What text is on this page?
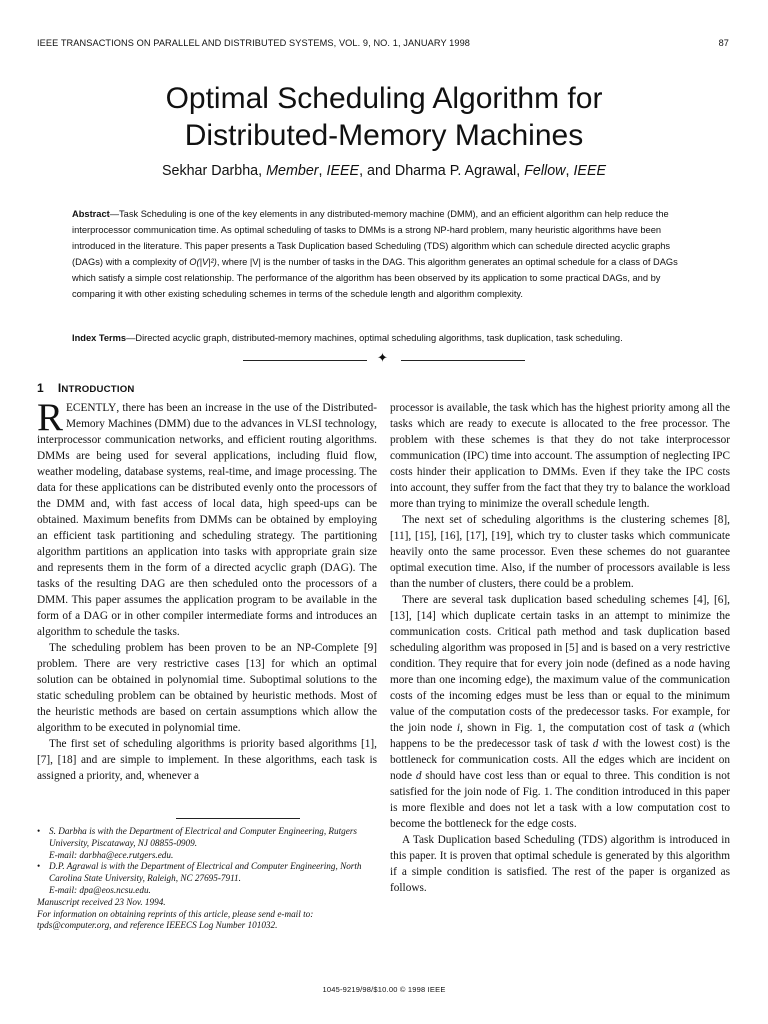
IEEE TRANSACTIONS ON PARALLEL AND DISTRIBUTED SYSTEMS, VOL. 9, NO. 1, JANUARY 1998	87
Optimal Scheduling Algorithm for
Distributed-Memory Machines
Sekhar Darbha, Member, IEEE, and Dharma P. Agrawal, Fellow, IEEE

Abstract—Task Scheduling is one of the key elements in any distributed-memory machine (DMM), and an efficient algorithm can help reduce the interprocessor communication time. As optimal scheduling of tasks to DMMs is a strong NP-hard problem, many heuristic algorithms have been introduced in the literature. This paper presents a Task Duplication based Scheduling (TDS) algorithm which can schedule directed acyclic graphs (DAGs) with a complexity of O(|V|²), where |V| is the number of tasks in the DAG. This algorithm generates an optimal schedule for a class of DAGs which satisfy a simple cost relationship. The performance of the algorithm has been observed by its application to some practical DAGs, and by comparing it with other existing scheduling schemes in terms of the schedule length and algorithm complexity.

Index Terms—Directed acyclic graph, distributed-memory machines, optimal scheduling algorithms, task duplication, task scheduling.

✦
1 INTRODUCTION

RECENTLY, there has been an increase in the use of the Distributed-Memory Machines (DMM) due to the advances in VLSI technology, interprocessor communication networks, and efficient routing algorithms. DMMs are being used for several applications, including fluid flow, weather modeling, database systems, real-time, and image processing. The data for these applications can be distributed evenly onto the processors of the DMM and, with fast access of local data, high speed-ups can be obtained. Maximum benefits from DMMs can be obtained by employing an efficient task partitioning and scheduling strategy. The partitioning algorithm partitions an application into tasks with appropriate grain size and represents them in the form of a directed acyclic graph (DAG). The tasks of the resulting DAG are then scheduled onto the processors of a DMM. This paper assumes the application program to be available in the form of a DAG or in other compiler intermediate forms and introduces an algorithm to schedule the tasks.

The scheduling problem has been proven to be an NP-Complete [9] problem. There are very restrictive cases [13] for which an optimal solution can be obtained in polynomial time. Suboptimal solutions to the static scheduling problem can be obtained by heuristic methods. Most of the heuristic methods are based on certain assumptions which allow the algorithm to be executed in polynomial time.

The first set of scheduling algorithms is priority based algorithms [1], [7], [18] and are simple to implement. In these algorithms, each task is assigned a priority, and, whenever a

processor is available, the task which has the highest priority among all the tasks which are ready to execute is allocated to the free processor. The problem with these schemes is that they do not take interprocessor communication (IPC) time into account. The assumption of neglecting IPC costs hinder their application to DMMs. Even if they take the IPC costs into account, they suffer from the fact that they try to balance the workload more than trying to minimize the overall schedule length.

The next set of scheduling algorithms is the clustering schemes [8], [11], [15], [16], [17], [19], which try to cluster tasks which communicate heavily onto the same processor. Even these schemes do not guarantee optimal execution time. Also, if the number of processors available is less than the number of clusters, there could be a problem.

There are several task duplication based scheduling schemes [4], [6], [13], [14] which duplicate certain tasks in an attempt to minimize the communication costs. Critical path method and task duplication based scheduling algorithm was proposed in [5] and is based on a very restrictive condition. They require that for every join node (defined as a node having more than one incoming edge), the maximum value of the communication costs of the incoming edges must be less than or equal to the minimum value of the computation costs of the predecessor tasks. For example, for the join node i, shown in Fig. 1, the computation cost of task a (which happens to be the predecessor task of task d with the lowest cost) is the bottleneck for communication costs. All the edges which are incident on node d should have cost less than or equal to three. This condition is not satisfied for the join node of Fig. 1. The condition introduced in this paper is more flexible and does not let a task with a low computation cost to become the bottleneck for the edge costs.

A Task Duplication based Scheduling (TDS) algorithm is introduced in this paper. It is proven that optimal schedule is generated by this algorithm if a simple condition is satisfied. The rest of the paper is organized as follows.

• S. Darbha is with the Department of Electrical and Computer Engineering, Rutgers University, Piscataway, NJ 08855-0909.
E-mail: darbha@ece.rutgers.edu.

• D.P. Agrawal is with the Department of Electrical and Computer Engineering, North Carolina State University, Raleigh, NC 27695-7911.
E-mail: dpa@eos.ncsu.edu.

Manuscript received 23 Nov. 1994.

For information on obtaining reprints of this article, please send e-mail to: tpds@computer.org, and reference IEEECS Log Number 101032.

1045-9219/98/$10.00 © 1998 IEEE
